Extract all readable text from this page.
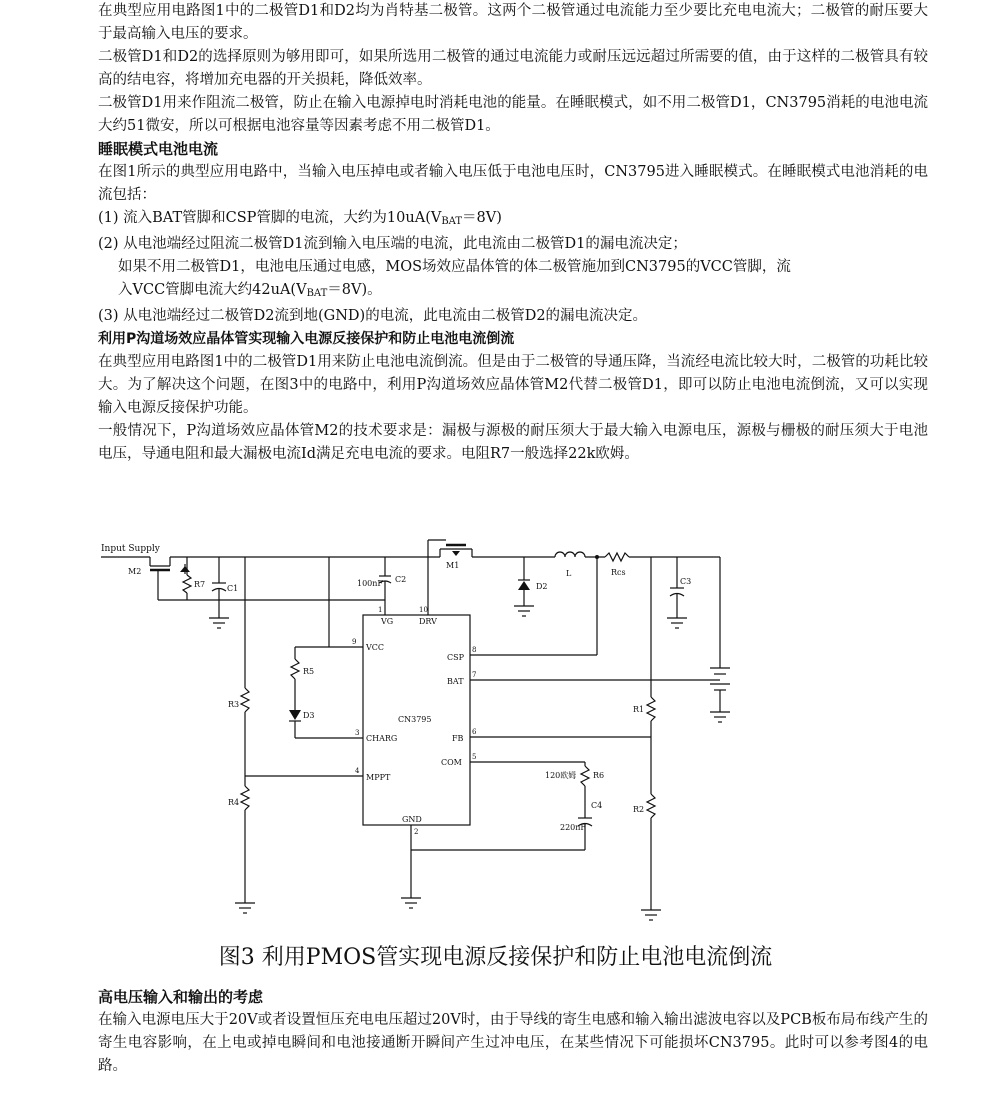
在典型应用电路图1中的二极管D1和D2均为肖特基二极管。这两个二极管通过电流能力至少要比充电电流大；二极管的耐压要大于最高输入电压的要求。

二极管D1和D2的选择原则为够用即可，如果所选用二极管的通过电流能力或耐压远远超过所需要的值，由于这样的二极管具有较高的结电容，将增加充电器的开关损耗，降低效率。

二极管D1用来作阻流二极管，防止在输入电源掉电时消耗电池的能量。在睡眠模式，如不用二极管D1，CN3795消耗的电池电流大约51微安，所以可根据电池容量等因素考虑不用二极管D1。

睡眠模式电池电流

在图1所示的典型应用电路中，当输入电压掉电或者输入电压低于电池电压时，CN3795进入睡眠模式。在睡眠模式电池消耗的电流包括：

(1) 流入BAT管脚和CSP管脚的电流，大约为$10uA(V_{BAT}=8V)$

(2) 从电池端经过阻流二极管D1流到输入电压端的电流，此电流由二极管D1的漏电流决定；

如果不用二极管D1，电池电压通过电感，MOS场效应晶体管的体二极管施加到CN3795的VCC管脚，流

入VCC管脚电流大约$42uA(V_{BAT}=8V)$。

(3) 从电池端经过二极管D2流到地(GND)的电流，此电流由二极管D2的漏电流决定。

利用P沟道场效应晶体管实现输入电源反接保护和防止电池电流倒流

在典型应用电路图1中的二极管D1用来防止电池电流倒流。但是由于二极管的导通压降，当流经电流比较大时，二极管的功耗比较大。为了解决这个问题，在图3中的电路中，利用P沟道场效应晶体管M2代替二极管D1，即可以防止电池电流倒流，又可以实现输入电源反接保护功能。

一般情况下，P沟道场效应晶体管M2的技术要求是：漏极与源极的耐压须大于最大输入电源电压，源极与栅极的耐压须大于电池电压，导通电阻和最大漏极电流Id满足充电电流的要求。电阻R7一般选择22k欧姆。

Input Supply
M2
R7	C1
R3
R4
R5
D3
100nF C2
M1
D2
L	Rcs
C3
R1
R2
120欧姆 R6
C4
220nF
CN3795
VG	DRV
VCC
CSP
BAT
CHARG	FB
COM
MPPT
GND
1	10
9
8
7
3	6
5
4
2
图3 利用PMOS管实现电源反接保护和防止电池电流倒流

高电压输入和输出的考虑

在输入电源电压大于20V或者设置恒压充电电压超过20V时，由于导线的寄生电感和输入输出滤波电容以及PCB板布局布线产生的寄生电容影响，在上电或掉电瞬间和电池接通断开瞬间产生过冲电压，在某些情况下可能损坏CN3795。此时可以参考图4的电路。
